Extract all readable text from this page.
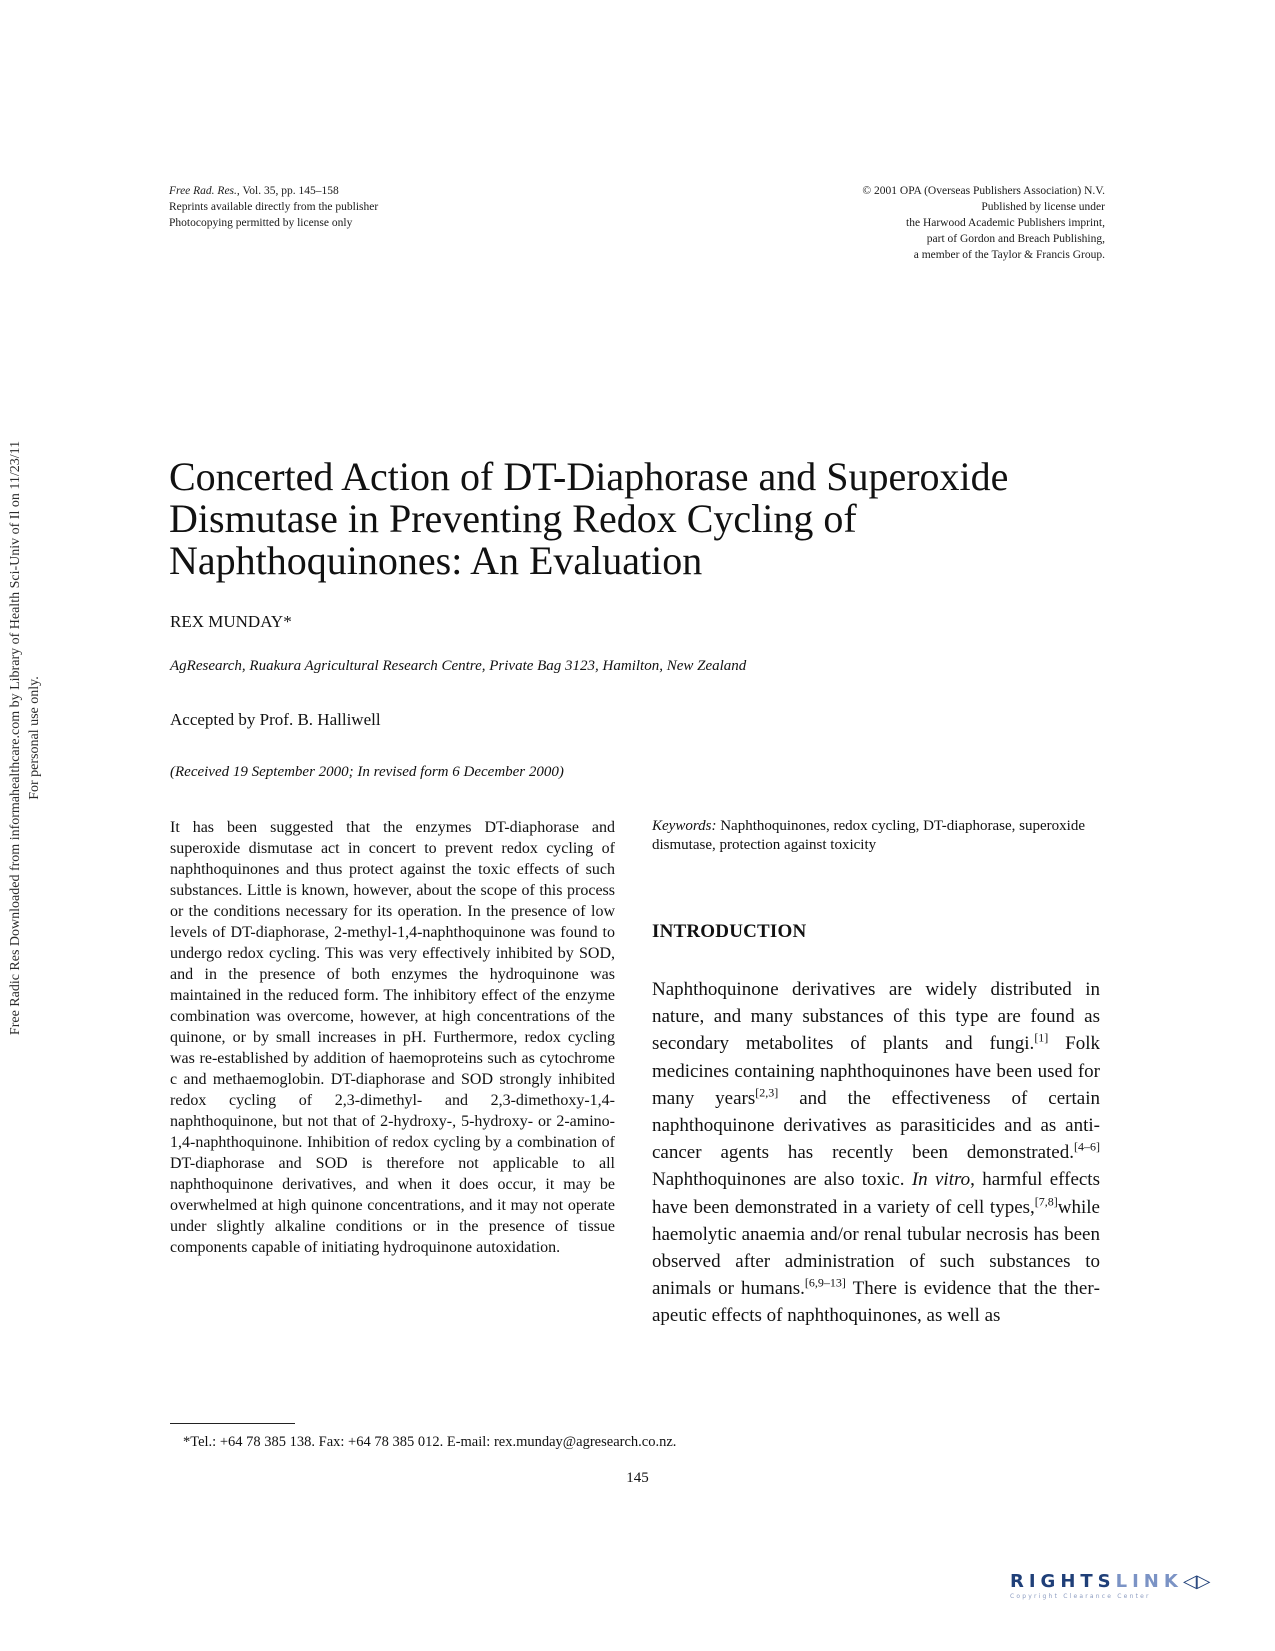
Free Rad. Res., Vol. 35, pp. 145–158
Reprints available directly from the publisher
Photocopying permitted by license only
© 2001 OPA (Overseas Publishers Association) N.V.
Published by license under
the Harwood Academic Publishers imprint,
part of Gordon and Breach Publishing,
a member of the Taylor & Francis Group.
Free Radic Res Downloaded from informahealthcare.com by Library of Health Sci-Univ of Il on 11/23/11 For personal use only.
Concerted Action of DT-Diaphorase and Superoxide
Dismutase in Preventing Redox Cycling of
Naphthoquinones: An Evaluation
REX MUNDAY*
AgResearch, Ruakura Agricultural Research Centre, Private Bag 3123, Hamilton, New Zealand
Accepted by Prof. B. Halliwell
(Received 19 September 2000; In revised form 6 December 2000)
It has been suggested that the enzymes DT-diaphorase and superoxide dismutase act in concert to prevent redox cycling of naphthoquinones and thus protect against the toxic effects of such substances. Little is known, however, about the scope of this process or the conditions necessary for its operation. In the presence of low levels of DT-diaphorase, 2-methyl-1,4-naphthoquinone was found to undergo redox cycling. This was very effectively inhibited by SOD, and in the presence of both enzymes the hydroquinone was maintained in the reduced form. The inhibitory effect of the enzyme combination was overcome, however, at high concentrations of the quinone, or by small increases in pH. Furthermore, redox cycling was re-established by addition of haemoproteins such as cytochrome c and methaemoglobin. DT-diaphorase and SOD strongly inhibited redox cycling of 2,3-dimethyl- and 2,3-dimethoxy-1,4-naphthoquinone, but not that of 2-hydroxy-, 5-hydroxy- or 2-amino-1,4-naphthoquinone. Inhibition of redox cycling by a combination of DT-diaphorase and SOD is therefore not applicable to all naphthoquinone derivatives, and when it does occur, it may be overwhelmed at high quinone concentrations, and it may not operate under slightly alkaline conditions or in the presence of tissue components capable of initiating hydroquinone autoxidation.
Keywords: Naphthoquinones, redox cycling, DT-diaphorase, superoxide dismutase, protection against toxicity
INTRODUCTION
Naphthoquinone derivatives are widely distributed in nature, and many substances of this type are found as secondary metabolites of plants and fungi.[1] Folk medicines containing naphthoquinones have been used for many years[2,3] and the effectiveness of certain naphthoquinone derivatives as parasiticides and as anti-cancer agents has recently been demonstrated.[4–6] Naphthoquinones are also toxic. In vitro, harmful effects have been demonstrated in a variety of cell types,[7,8]while haemolytic anaemia and/or renal tubular necrosis has been observed after administration of such substances to animals or humans.[6,9–13] There is evidence that the therapeutic effects of naphthoquinones, as well as
*Tel.: +64 78 385 138. Fax: +64 78 385 012. E-mail: rex.munday@agresearch.co.nz.
145
RIGHTSLINK◁▷
Copyright Clearance Center
